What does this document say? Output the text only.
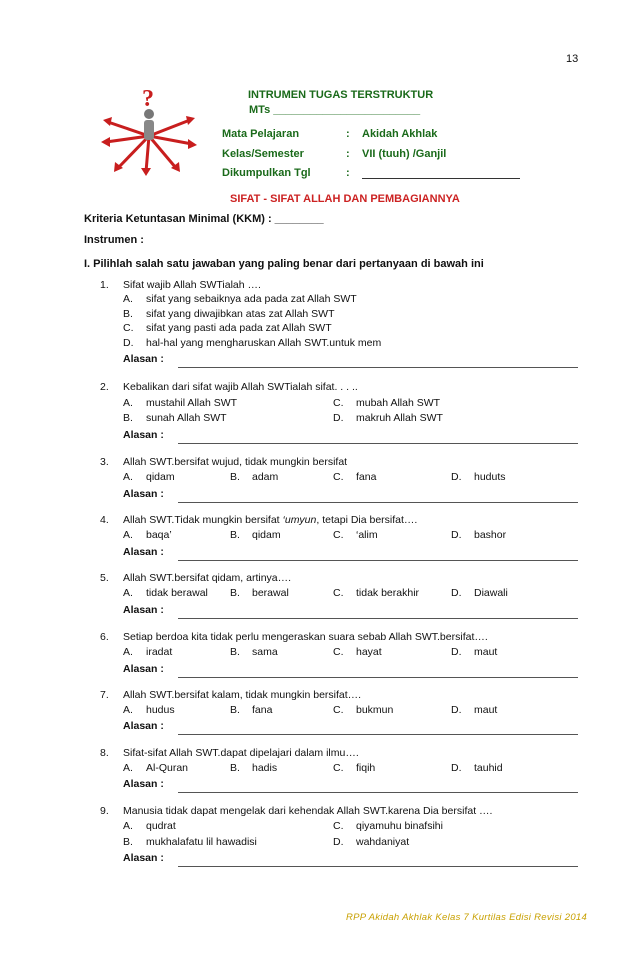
13
?	INTRUMEN TUGAS TERSTRUKTUR
MTs ________________________
Mata Pelajaran	: Akidah Akhlak
Kelas/Semester	: VII (tuuh) /Ganjil
Dikumpulkan Tgl	:
SIFAT - SIFAT ALLAH DAN PEMBAGIANNYA
Kriteria Ketuntasan Minimal (KKM) : ________
Instrumen :
I. Pilihlah salah satu jawaban yang paling benar dari pertanyaan di bawah ini
1. Sifat wajib Allah SWTialah ….
A. sifat yang sebaiknya ada pada zat Allah SWT
B. sifat yang diwajibkan atas zat Allah SWT
C. sifat yang pasti ada pada zat Allah SWT
D. hal-hal yang mengharuskan Allah SWT.untuk mem
Alasan :
2. Kebalikan dari sifat wajib Allah SWTialah sifat. . . ..
A. mustahil Allah SWT	C. mubah Allah SWT
B. sunah Allah SWT	D. makruh Allah SWT
Alasan :
3. Allah SWT.bersifat wujud, tidak mungkin bersifat
A. qidam	B. adam	C. fana	D. huduts
Alasan :
4. Allah SWT.Tidak mungkin bersifat ‘umyun, tetapi Dia bersifat….
A. baqa’	B. qidam	C. ‘alim	D. bashor
Alasan :
5. Allah SWT.bersifat qidam, artinya….
A. tidak berawal B. berawal	C. tidak berakhir	D. Diawali
Alasan :
6. Setiap berdoa kita tidak perlu mengeraskan suara sebab Allah SWT.bersifat….
A. iradat	B. sama	C. hayat	D. maut
Alasan :
7. Allah SWT.bersifat kalam, tidak mungkin bersifat….
A. hudus	B. fana	C. bukmun	D. maut
Alasan :
8. Sifat-sifat Allah SWT.dapat dipelajari dalam ilmu….
A. Al-Quran	B. hadis	C. fiqih	D. tauhid
Alasan :
9. Manusia tidak dapat mengelak dari kehendak Allah SWT.karena Dia bersifat ….
A. qudrat	C. qiyamuhu binafsihi
B. mukhalafatu lil hawadisi	D. wahdaniyat
Alasan :
RPP Akidah Akhlak Kelas 7 Kurtilas Edisi Revisi 2014
